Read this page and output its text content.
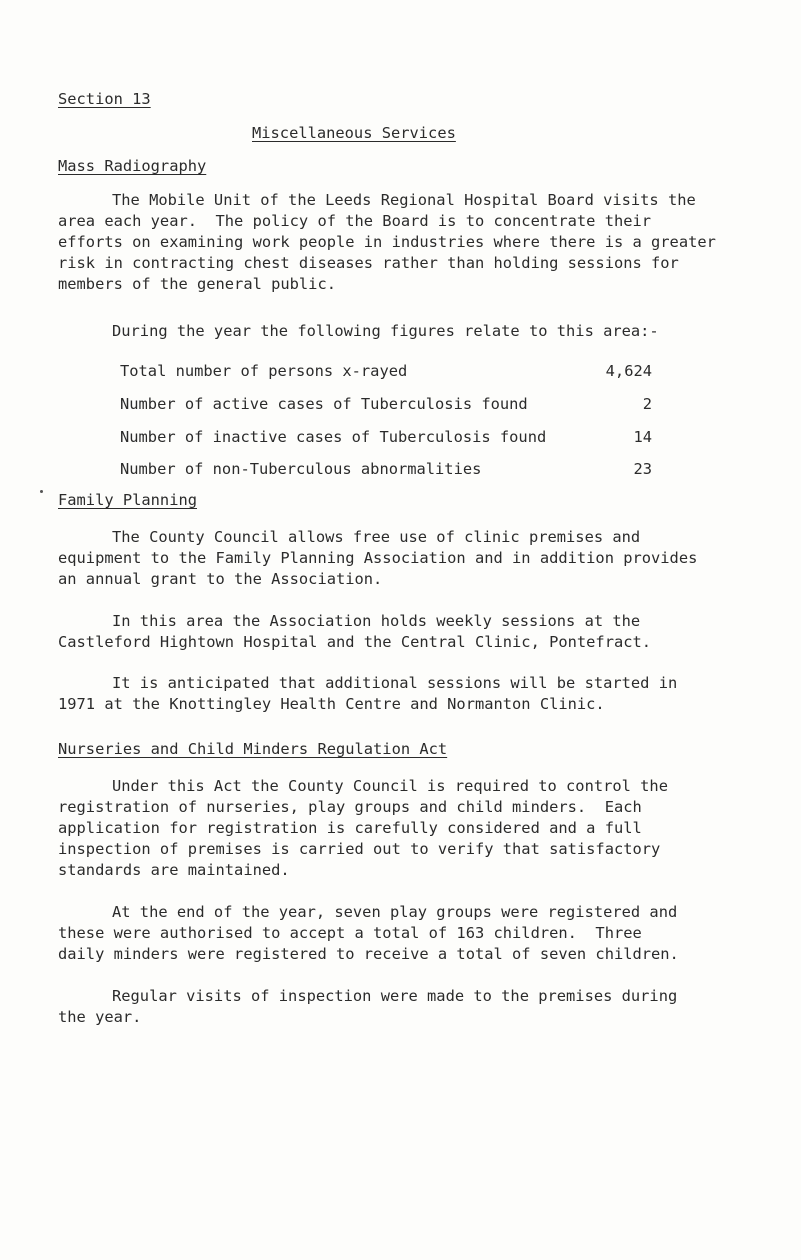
Section 13
Miscellaneous Services
Mass Radiography

The Mobile Unit of the Leeds Regional Hospital Board visits the

area each year.  The policy of the Board is to concentrate their

efforts on examining work people in industries where there is a greater

risk in contracting chest diseases rather than holding sessions for

members of the general public.

During the year the following figures relate to this area:-
Total number of persons x-rayed	4,624
Number of active cases of Tuberculosis found	2
Number of inactive cases of Tuberculosis found	14
Number of non-Tuberculous abnormalities	23
Family Planning

The County Council allows free use of clinic premises and

equipment to the Family Planning Association and in addition provides

an annual grant to the Association.

In this area the Association holds weekly sessions at the

Castleford Hightown Hospital and the Central Clinic, Pontefract.

It is anticipated that additional sessions will be started in

1971 at the Knottingley Health Centre and Normanton Clinic.

Nurseries and Child Minders Regulation Act

Under this Act the County Council is required to control the

registration of nurseries, play groups and child minders.  Each

application for registration is carefully considered and a full

inspection of premises is carried out to verify that satisfactory

standards are maintained.

At the end of the year, seven play groups were registered and

these were authorised to accept a total of 163 children.  Three

daily minders were registered to receive a total of seven children.

Regular visits of inspection were made to the premises during

the year.
